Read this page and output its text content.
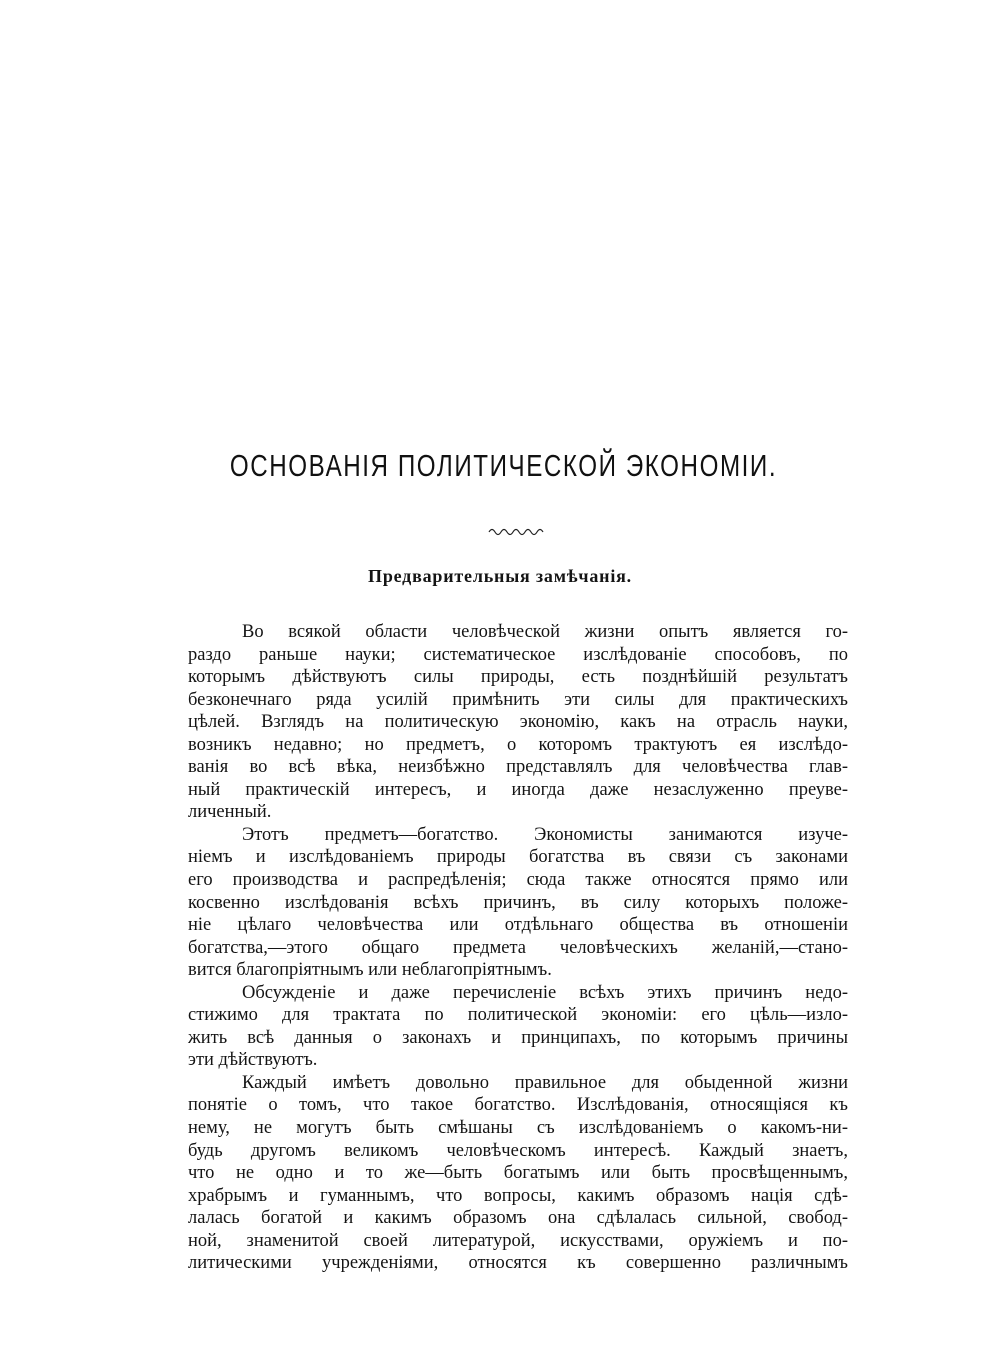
ОСНОВАНІЯ ПОЛИТИЧЕСКОЙ ЭКОНОМІИ.
Предварительныя замѣчанія.
Во всякой области человѣческой жизни опытъ является го-
раздо раньше науки; систематическое изслѣдованіе способовъ, по
которымъ дѣйствуютъ силы природы, есть позднѣйшій результатъ
безконечнаго ряда усилій примѣнить эти силы для практическихъ
цѣлей. Взглядъ на политическую экономію, какъ на отрасль науки,
возникъ недавно; но предметъ, о которомъ трактуютъ ея изслѣдо-
ванія во всѣ вѣка, неизбѣжно представлялъ для человѣчества глав-
ный практическій интересъ, и иногда даже незаслуженно преуве-
личенный.
Этотъ предметъ—богатство. Экономисты занимаются изуче-
ніемъ и изслѣдованіемъ природы богатства въ связи съ законами
его производства и распредѣленія; сюда также относятся прямо или
косвенно изслѣдованія всѣхъ причинъ, въ силу которыхъ положе-
ніе цѣлаго человѣчества или отдѣльнаго общества въ отношеніи
богатства,—этого общаго предмета человѣческихъ желаній,—стано-
вится благопріятнымъ или неблагопріятнымъ.
Обсужденіе и даже перечисленіе всѣхъ этихъ причинъ недо-
стижимо для трактата по политической экономіи: его цѣль—изло-
жить всѣ данныя о законахъ и принципахъ, по которымъ причины
эти дѣйствуютъ.
Каждый имѣетъ довольно правильное для обыденной жизни
понятіе о томъ, что такое богатство. Изслѣдованія, относящіяся къ
нему, не могутъ быть смѣшаны съ изслѣдованіемъ о какомъ-ни-
будь другомъ великомъ человѣческомъ интересѣ. Каждый знаетъ,
что не одно и то же—быть богатымъ или быть просвѣщеннымъ,
храбрымъ и гуманнымъ, что вопросы, какимъ образомъ нація сдѣ-
лалась богатой и какимъ образомъ она сдѣлалась сильной, свобод-
ной, знаменитой своей литературой, искусствами, оружіемъ и по-
литическими учрежденіями, относятся къ совершенно различнымъ
